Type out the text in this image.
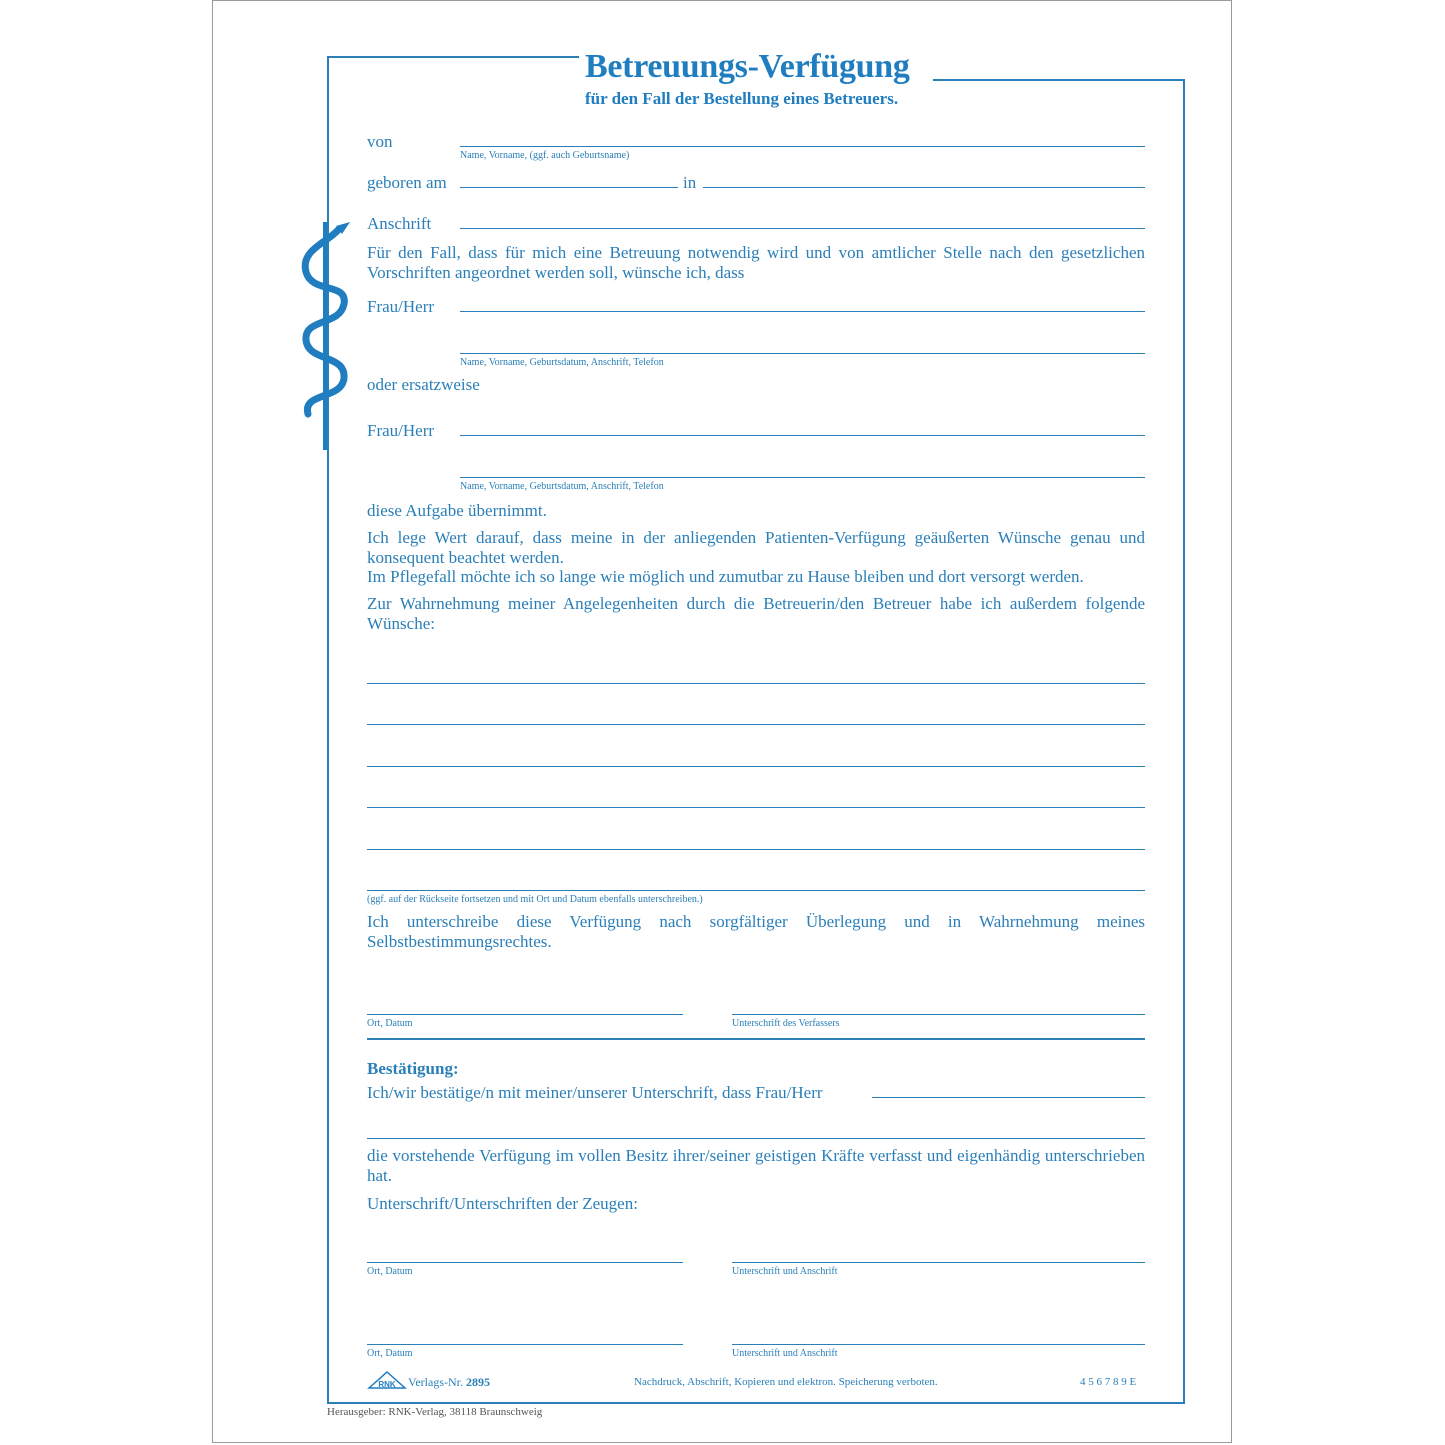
Betreuungs-Verfügung
für den Fall der Bestellung eines Betreuers.
von
Name, Vorname, (ggf. auch Geburtsname)
geboren am	in
Anschrift
Für den Fall, dass für mich eine Betreuung notwendig wird und von amtlicher Stelle nach den gesetzlichen Vorschriften angeordnet werden soll, wünsche ich, dass
Frau/Herr
Name, Vorname, Geburtsdatum, Anschrift, Telefon
oder ersatzweise
Frau/Herr
Name, Vorname, Geburtsdatum, Anschrift, Telefon
diese Aufgabe übernimmt.
Ich lege Wert darauf, dass meine in der anliegenden Patienten-Verfügung geäußerten Wünsche genau und konsequent beachtet werden.
Im Pflegefall möchte ich so lange wie möglich und zumutbar zu Hause bleiben und dort versorgt werden.
Zur Wahrnehmung meiner Angelegenheiten durch die Betreuerin/den Betreuer habe ich außerdem folgende Wünsche:
(ggf. auf der Rückseite fortsetzen und mit Ort und Datum ebenfalls unterschreiben.)
Ich unterschreibe diese Verfügung nach sorgfältiger Überlegung und in Wahrnehmung meines Selbstbestimmungsrechtes.
Ort, Datum	Unterschrift des Verfassers
Bestätigung:
Ich/wir bestätige/n mit meiner/unserer Unterschrift, dass Frau/Herr
die vorstehende Verfügung im vollen Besitz ihrer/seiner geistigen Kräfte verfasst und eigenhändig unterschrieben hat.
Unterschrift/Unterschriften der Zeugen:
Ort, Datum	Unterschrift und Anschrift
Ort, Datum	Unterschrift und Anschrift
RNK Verlags-Nr. 2895	Nachdruck, Abschrift, Kopieren und elektron. Speicherung verboten.	4 5 6 7 8 9 E
Herausgeber: RNK-Verlag, 38118 Braunschweig
